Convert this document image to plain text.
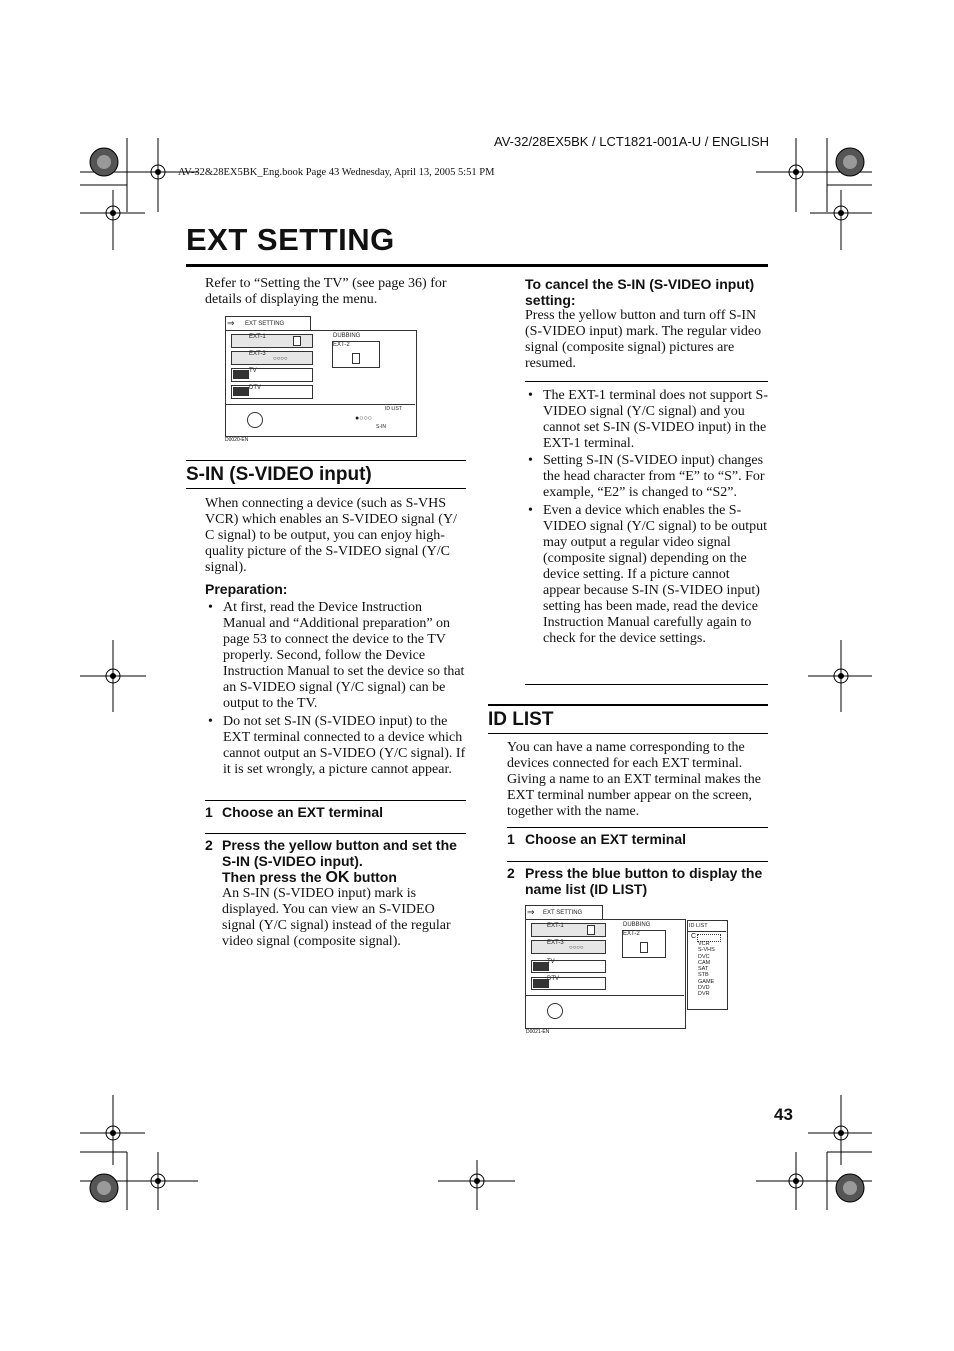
AV-32/28EX5BK / LCT1821-001A-U / ENGLISH
AV-32&28EX5BK_Eng.book Page 43 Wednesday, April 13, 2005 5:51 PM
EXT SETTING
Refer to “Setting the TV” (see page 36) for details of displaying the menu.
⇒ EXT SETTING
EXT-1
EXT-3
○○○○
TV
DTV
DUBBING
EXT-2
ID LIST
●○○○
S-IN
D0020-EN
S-IN (S-VIDEO input)
When connecting a device (such as S-VHS VCR) which enables an S-VIDEO signal (Y/ C signal) to be output, you can enjoy high-quality picture of the S-VIDEO signal (Y/C signal).
Preparation:
• At first, read the Device Instruction Manual and “Additional preparation” on page 53 to connect the device to the TV properly. Second, follow the Device Instruction Manual to set the device so that an S-VIDEO signal (Y/C signal) can be output to the TV.
• Do not set S-IN (S-VIDEO input) to the EXT terminal connected to a device which cannot output an S-VIDEO (Y/C signal). If it is set wrongly, a picture cannot appear.
1 Choose an EXT terminal
2 Press the yellow button and set the S-IN (S-VIDEO input).
Then press the OK button
An S-IN (S-VIDEO input) mark is displayed. You can view an S-VIDEO signal (Y/C signal) instead of the regular video signal (composite signal).
To cancel the S-IN (S-VIDEO input) setting:
Press the yellow button and turn off S-IN (S-VIDEO input) mark. The regular video signal (composite signal) pictures are resumed.
• The EXT-1 terminal does not support S-VIDEO signal (Y/C signal) and you cannot set S-IN (S-VIDEO input) in the EXT-1 terminal.
• Setting S-IN (S-VIDEO input) changes the head character from “E” to “S”. For example, “E2” is changed to “S2”.
• Even a device which enables the S-VIDEO signal (Y/C signal) to be output may output a regular video signal (composite signal) depending on the device setting. If a picture cannot appear because S-IN (S-VIDEO input) setting has been made, read the device Instruction Manual carefully again to check for the device settings.
ID LIST
You can have a name corresponding to the devices connected for each EXT terminal. Giving a name to an EXT terminal makes the EXT terminal number appear on the screen, together with the name.
1 Choose an EXT terminal
2 Press the blue button to display the name list (ID LIST)
⇒ EXT SETTING
EXT-1
EXT-3
○○○○
TV
DTV
DUBBING
EXT-2
ID LIST
C
VCR
S-VHS
DVC
CAM
SAT
STB
GAME
DVD
DVR
D0021-EN
43
